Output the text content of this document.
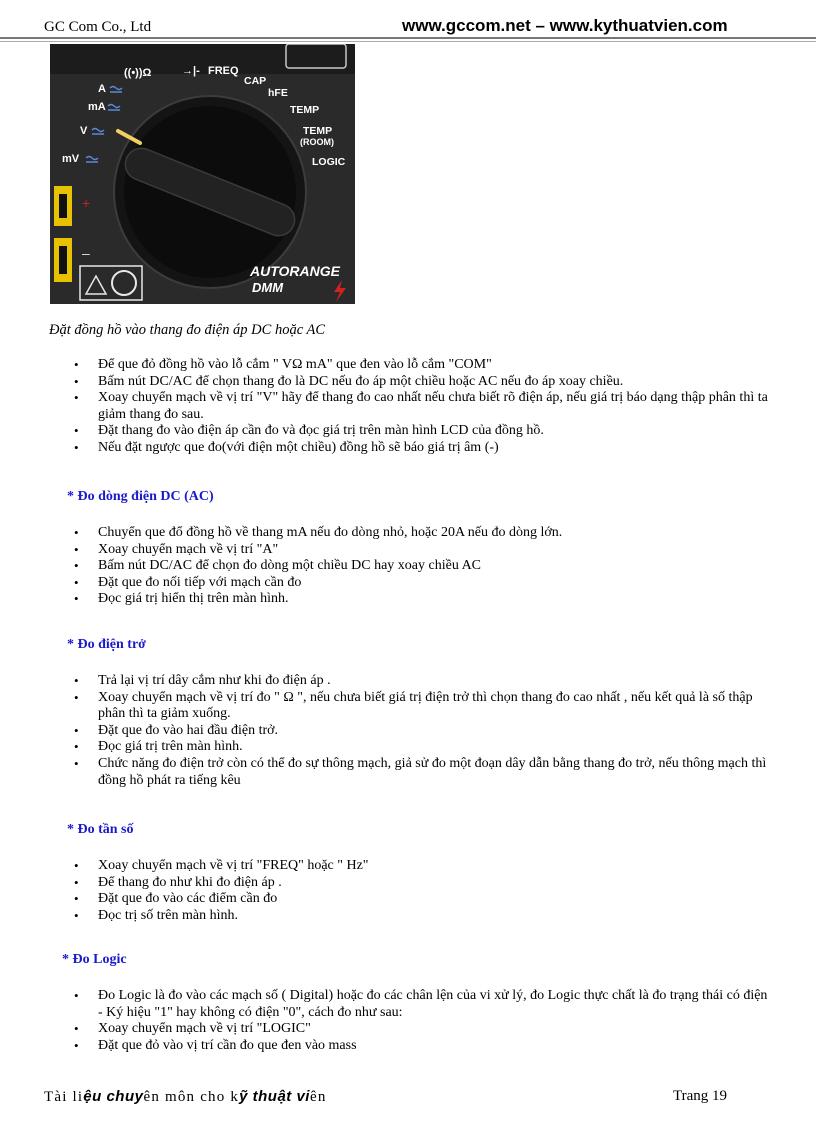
GC Com Co., Ltd	www.gccom.net – www.kythuatvien.com
((•))Ω	→|- FREQ
CAP
A	hFE
mA	TEMP
V	TEMP
(ROOM)
LOGIC
mV
AUTORANGE
DMM
+
–
Đặt đồng hồ vào thang đo điện áp DC hoặc AC
• Để que đỏ đồng hồ vào lỗ cắm " VΩ mA" que đen vào lỗ cắm "COM"
• Bấm nút DC/AC để chọn thang đo là DC nếu đo áp một chiều hoặc AC nếu đo áp xoay chiều.
• Xoay chuyển mạch về vị trí "V" hãy để thang đo cao nhất nếu chưa biết rõ điện áp, nếu giá trị báo dạng thập phân thì ta giảm thang đo sau.
• Đặt thang đo vào điện áp cần đo và đọc giá trị trên màn hình LCD của đồng hồ.
• Nếu đặt ngược que đo(với điện một chiều) đồng hồ sẽ báo giá trị âm (-)
* Đo dòng điện DC (AC)
• Chuyển que đổ đồng hồ về thang mA nếu đo dòng nhỏ, hoặc 20A nếu đo dòng lớn.
• Xoay chuyển mạch về vị trí "A"
• Bấm nút DC/AC để chọn đo dòng một chiều DC hay xoay chiều AC
• Đặt que đo nối tiếp với mạch cần đo
• Đọc giá trị hiển thị trên màn hình.
* Đo điện trở
• Trả lại vị trí dây cắm như khi đo điện áp .
• Xoay chuyển mạch về vị trí đo " Ω ", nếu chưa biết giá trị điện trở thì chọn thang đo cao nhất , nếu kết quả là số thập phân thì ta giảm xuống.
• Đặt que đo vào hai đầu điện trở.
• Đọc giá trị trên màn hình.
• Chức năng đo điện trở còn có thể đo sự thông mạch, giả sử đo một đoạn dây dẫn bằng thang đo trở, nếu thông mạch thì đồng hồ phát ra tiếng kêu
* Đo tần số
• Xoay chuyển mạch về vị trí "FREQ" hoặc " Hz"
• Để thang đo như khi đo điện áp .
• Đặt que đo vào các điểm cần đo
• Đọc trị số trên màn hình.
* Đo Logic
• Đo Logic là đo vào các mạch số ( Digital) hoặc đo các chân lện của vi xử lý, đo Logic thực chất là đo trạng thái có điện - Ký hiệu "1" hay không có điện "0", cách đo như sau:
• Xoay chuyển mạch về vị trí "LOGIC"
• Đặt que đỏ vào vị trí cần đo que đen vào mass
Tài liệu chuyên môn cho kỹ thuật viên	Trang 19
